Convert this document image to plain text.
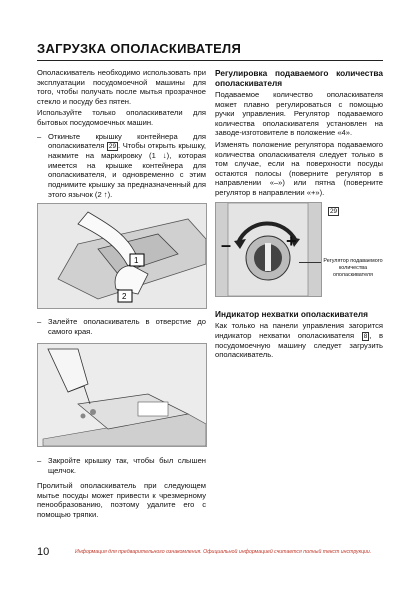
ЗАГРУЗКА ОПОЛАСКИВАТЕЛЯ

Ополаскиватель необходимо использовать при эксплуатации посудомоечной машины для того, чтобы получать после мытья прозрачное стекло и посуду без пятен.

Используйте только ополаскиватели для бытовых посудомоечных машин.

– Откиньте крышку контейнера для ополаскивателя 29 . Чтобы открыть крышку, нажмите на маркировку (1 ↓), которая имеется на крышке контейнера для ополаскивателя, и одновременно с этим поднимите крышку за предназначенный для этого язычок (2 ↑).
1
2
– Залейте ополаскиватель в отверстие до самого края.
– Закройте крышку так, чтобы был слышен щелчок.

Пролитый ополаскиватель при следующем мытье посуды может привести к чрезмерному пенообразованию, поэтому удалите его с помощью тряпки.

Регулировка подаваемого количества ополаскивателя

Подаваемое количество ополаскивателя может плавно регулироваться с помощью ручки управления. Регулятор подаваемого количества ополаскивателя установлен на заводе-изготовителе в положение «4».

Изменять положение регулятора подаваемого количества ополаскивателя следует только в том случае, если на поверхности посуды остаются полосы (поверните регулятор в направлении «–») или пятна (поверните регулятор в направлении «+»).

29
–	+
Регулятор подаваемого количества ополаскивателя

Индикатор нехватки ополаскивателя

Как только на панели управления загорится индикатор нехватки ополаскивателя 8 , в посудомоечную машину следует загрузить ополаскиватель.

10	Информация для предварительного ознакомления. Официальной информацией считается полный текст инструкции.
